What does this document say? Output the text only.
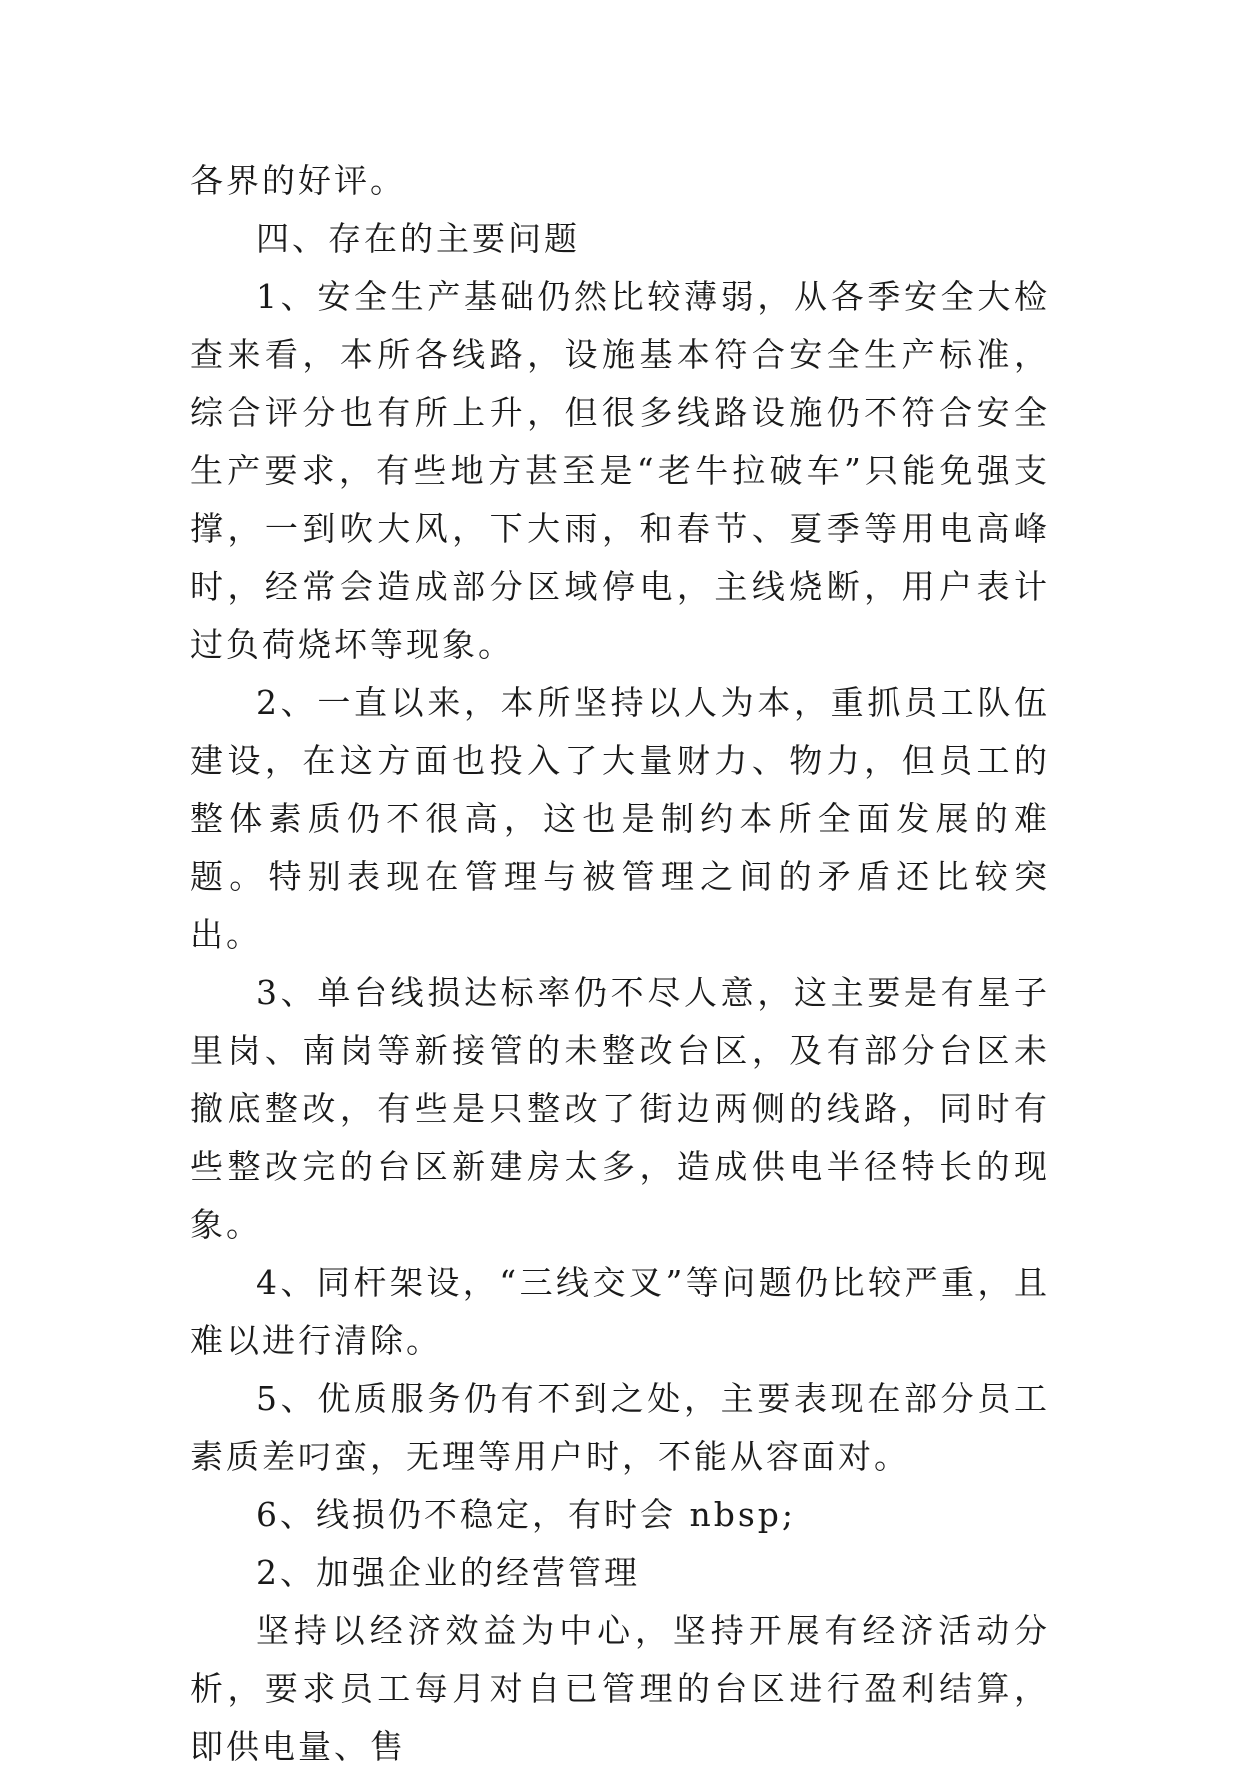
各界的好评。

四、存在的主要问题

1、安全生产基础仍然比较薄弱，从各季安全大检查来看，本所各线路，设施基本符合安全生产标准，综合评分也有所上升，但很多线路设施仍不符合安全生产要求，有些地方甚至是“老牛拉破车”只能免强支撑，一到吹大风，下大雨，和春节、夏季等用电高峰时，经常会造成部分区域停电，主线烧断，用户表计过负荷烧坏等现象。

2、一直以来，本所坚持以人为本，重抓员工队伍建设，在这方面也投入了大量财力、物力，但员工的整体素质仍不很高，这也是制约本所全面发展的难题。特别表现在管理与被管理之间的矛盾还比较突出。

3、单台线损达标率仍不尽人意，这主要是有星子里岗、南岗等新接管的未整改台区，及有部分台区未撤底整改，有些是只整改了街边两侧的线路，同时有些整改完的台区新建房太多，造成供电半径特长的现象。

4、同杆架设，“三线交叉”等问题仍比较严重，且难以进行清除。

5、优质服务仍有不到之处，主要表现在部分员工素质差叼蛮，无理等用户时，不能从容面对。

6、线损仍不稳定，有时会 nbsp;

2、加强企业的经营管理

坚持以经济效益为中心，坚持开展有经济活动分析，要求员工每月对自已管理的台区进行盈利结算，即供电量、售
